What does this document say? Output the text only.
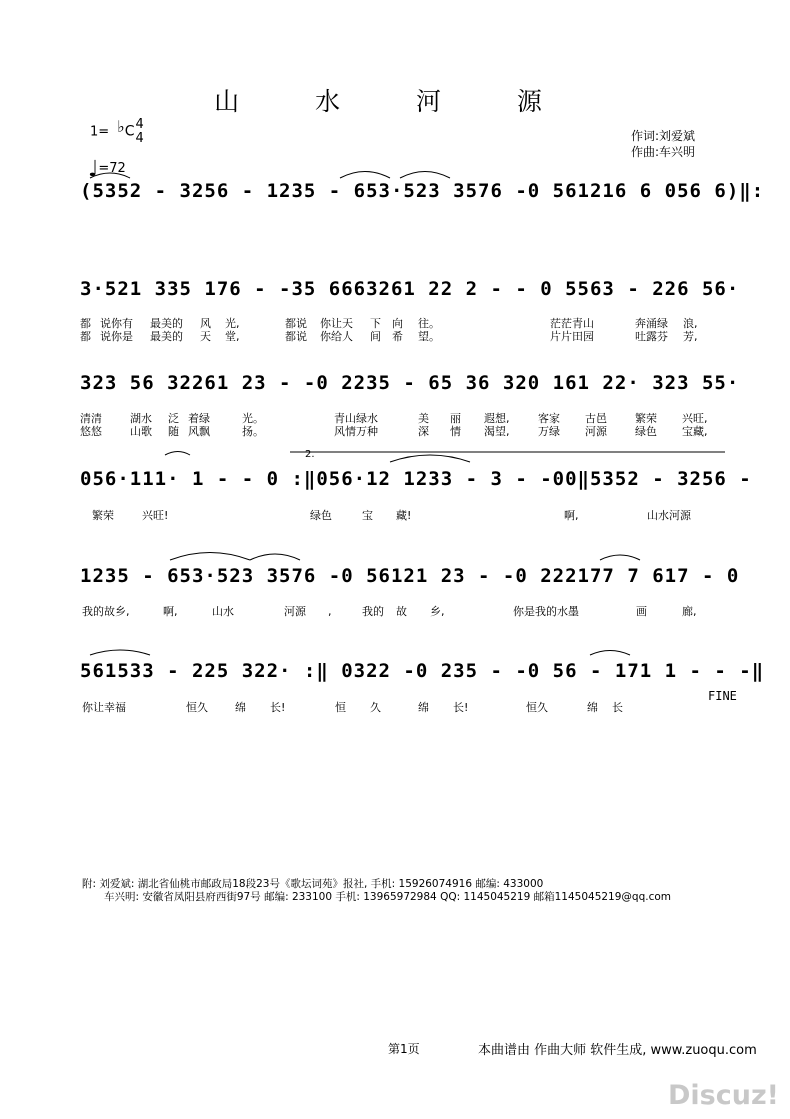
山 水 河 源
1= ♭C4
4
♩=72
作词:刘爱斌
作曲:车兴明
(5352 - 3256 - 1235 - 653·523 3576 -0 561216 6 056 6)‖:
3·521 335 176 - -35 6663261 22 2 - - 0 5563 - 226 56·
323 56 32261 23 - -0 2235 - 65 36 320 161 22· 323 55·
056·111· 1 - - 0 :‖056·12 1233 - 3 - -00‖5352 - 3256 -
2.
1235 - 653·523 3576 -0 56121 23 - -0 222177 7 617 - 0
561533 - 225 322· :‖ 0322 -0 235 - -0 56 - 171 1 - - -‖
FINE
都 说你有 最美的 风 光,	都说 你让天 下 向 往。	茫茫青山	奔涌绿 浪,
都 说你是 最美的 天 堂,	都说 你给人 间 希 望。	片片田园	吐露芬 芳,
清清	湖水 泛 着绿	光。	青山绿水	美 丽 遐想,	客家 古邑	繁荣 兴旺,
悠悠	山歌 随 风飘	扬。	风情万种	深 情 渴望,	万绿 河源	绿色 宝藏,
繁荣	兴旺!	绿色	宝 藏!	啊,	山水河源
我的故乡,	啊,	山水	河源 ,	我的 故 乡,	你是我的水墨	画	廊,
你让幸福	恒久 绵 长!	恒 久	绵 长!	恒久	绵 长
附: 刘爱斌: 湖北省仙桃市邮政局18段23号《歌坛词苑》报社, 手机: 15926074916 邮编: 433000
车兴明: 安徽省凤阳县府西街97号 邮编: 233100 手机: 13965972984 QQ: 1145045219 邮箱1145045219@qq.com
第1页	本曲谱由 作曲大师 软件生成, www.zuoqu.com
Discuz!
